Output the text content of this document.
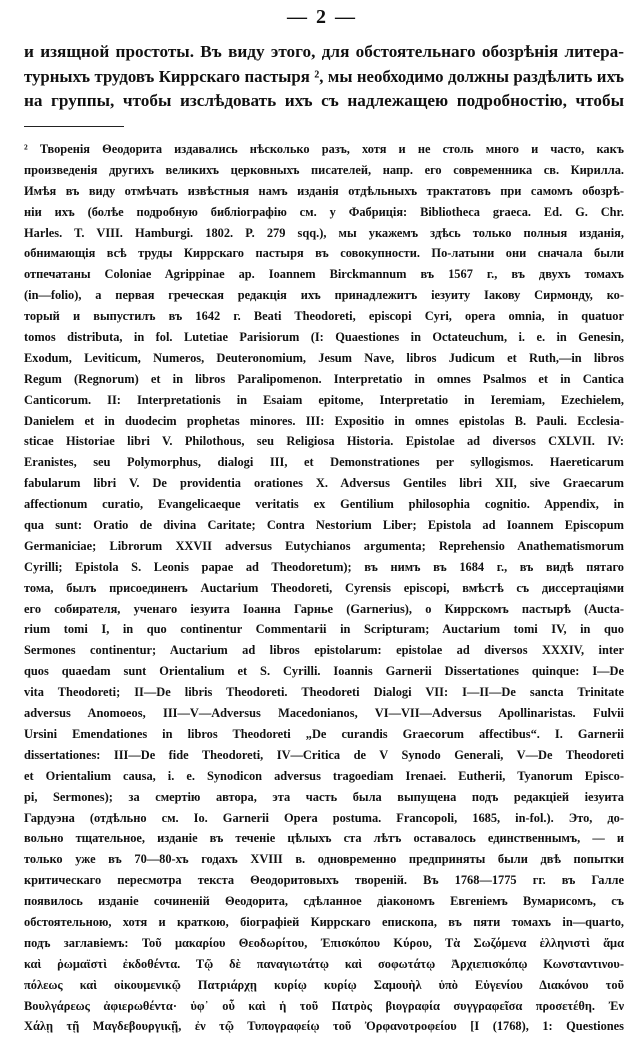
— 2 —
и изящной простоты. Въ виду этого, для обстоятельнаго обозрѣнія литера-
турныхъ трудовъ Киррскаго пастыря ², мы необходимо должны раздѣлить ихъ
на группы, чтобы изслѣдовать ихъ съ надлежащею подробностію, чтобы
² Творенія Θеодорита издавались нѣсколько разъ, хотя и не столь много и часто, какъ
произведенія другихъ великихъ церковныхъ писателей, напр. его современника св. Кирилла.
Имѣя въ виду отмѣчать извѣстныя намъ изданія отдѣльныхъ трактатовъ при самомъ обозрѣ-
ніи ихъ (болѣе подробную библіографію см. у Фабрицiя: Bibliotheca graeca. Ed. G. Chr.
Harles. T. VIII. Hamburgi. 1802. P. 279 sqq.), мы укажемъ здѣсь только полныя изданія,
обнимающія всѣ труды Киррскаго пастыря въ совокупности. По-латыни они сначала были
отпечатаны Coloniae Agrippinae ap. Ioannem Birckmannum въ 1567 г., въ двухъ томахъ
(in—folio), а первая греческая редакція ихъ принадлежитъ iезуиту Iакову Сирмонду, ко-
торый и выпустилъ въ 1642 г. Beati Theodoreti, episcopi Cyri, opera omnia, in quatuor
tomos distributa, in fol. Lutetiae Parisiorum (I: Quaestiones in Octateuchum, i. e. in Genesin,
Exodum, Leviticum, Numeros, Deuteronomium, Jesum Nave, libros Judicum et Ruth,—in libros
Regum (Regnorum) et in libros Paralipomenon. Interpretatio in omnes Psalmos et in Cantica
Canticorum. II: Interpretationis in Esaiam epitome, Interpretatio in Ieremiam, Ezechielem,
Danielem et in duodecim prophetas minores. III: Expositio in omnes epistolas B. Pauli. Ecclesia-
sticae Historiae libri V. Philothous, seu Religiosa Historia. Epistolae ad diversos CXLVII. IV:
Eranistes, seu Polymorphus, dialogi III, et Demonstrationes per syllogismos. Haereticarum
fabularum libri V. De providentia orationes X. Adversus Gentiles libri XII, sive Graecarum
affectionum curatio, Evangelicaeque veritatis ex Gentilium philosophia cognitio. Appendix, in
qua sunt: Oratio de divina Caritate; Contra Nestorium Liber; Epistola ad Ioannem Episcopum
Germaniciae; Librorum XXVII adversus Eutychianos argumenta; Reprehensio Anathematismorum
Cyrilli; Epistola S. Leonis papae ad Theodoretum); въ нимъ въ 1684 г., въ видѣ пятаго
тома, былъ присоединенъ Auctarium Theodoreti, Cyrensis episcopi, вмѣстѣ съ диссертаціями
его собирателя, ученаго iезуита Iоанна Гарнье (Garnerius), о Киррскомъ пастырѣ (Aucta-
rium tomi I, in quo continentur Commentarii in Scripturam; Auctarium tomi IV, in quo
Sermones continentur; Auctarium ad libros epistolarum: epistolae ad diversos XXXIV, inter
quos quaedam sunt Orientalium et S. Cyrilli. Ioannis Garnerii Dissertationes quinque: I—De
vita Theodoreti; II—De libris Theodoreti. Theodoreti Dialogi VII: I—II—De sancta Trinitate
adversus Anomoeos, III—V—Adversus Macedonianos, VI—VII—Adversus Apollinaristas. Fulvii
Ursini Emendationes in libros Theodoreti „De curandis Graecorum affectibus“. I. Garnerii
dissertationes: III—De fide Theodoreti, IV—Critica de V Synodo Generali, V—De Theodoreti
et Orientalium causa, i. e. Synodicon adversus tragoediam Irenaei. Eutherii, Tyanorum Episco-
pi, Sermones); за смертію автора, эта часть была выпущена подъ редакціей iезуита
Гардуэна (отдѣльно см. Io. Garnerii Opera postuma. Francopoli, 1685, in-fol.). Это, до-
вольно тщательное, изданіе въ теченіе цѣлыхъ ста лѣтъ оставалось единственнымъ, — и
только уже въ 70—80-хъ годахъ XVIII в. одновременно предприняты были двѣ попытки
критическаго пересмотра текста Θеодоритовыхъ твореній. Въ 1768—1775 гг. въ Галле
появилось изданіе сочиненій Θеодорита, сдѣланное діакономъ Евгеніемъ Вумарисомъ, съ
обстоятельною, хотя и краткою, біографіей Киррскаго епископа, въ пяти томахъ in—quarto,
подъ заглавіемъ: Τοῦ μακαρίου Θεοδωρίτου, Ἐπισκόπου Κύρου, Τὰ Σωζόμενα ἑλληνιστὶ ἅμα
καὶ ῥωμαϊστὶ ἐκδοθέντα. Τῷ δὲ παναγιωτάτῳ καὶ σοφωτάτῳ Ἀρχιεπισκόπῳ Κωνσταντινου-
πόλεως καὶ οἰκουμενικῷ Πατριάρχῃ κυρίῳ κυρίῳ Σαμουὴλ ὑπὸ Εὐγενίου Διακόνου τοῦ
Βουλγάρεως ἀφιερωθέντα· ὑφ᾽ οὗ καὶ ἡ τοῦ Πατρὸς βιογραφία συγγραφεῖσα προσετέθη. Ἐν
Χάλῃ τῇ Μαγδεβουργικῇ, ἐν τῷ Τυπογραφείῳ τοῦ Ὀρφανοτροφείου [I (1768), 1: Questiones
